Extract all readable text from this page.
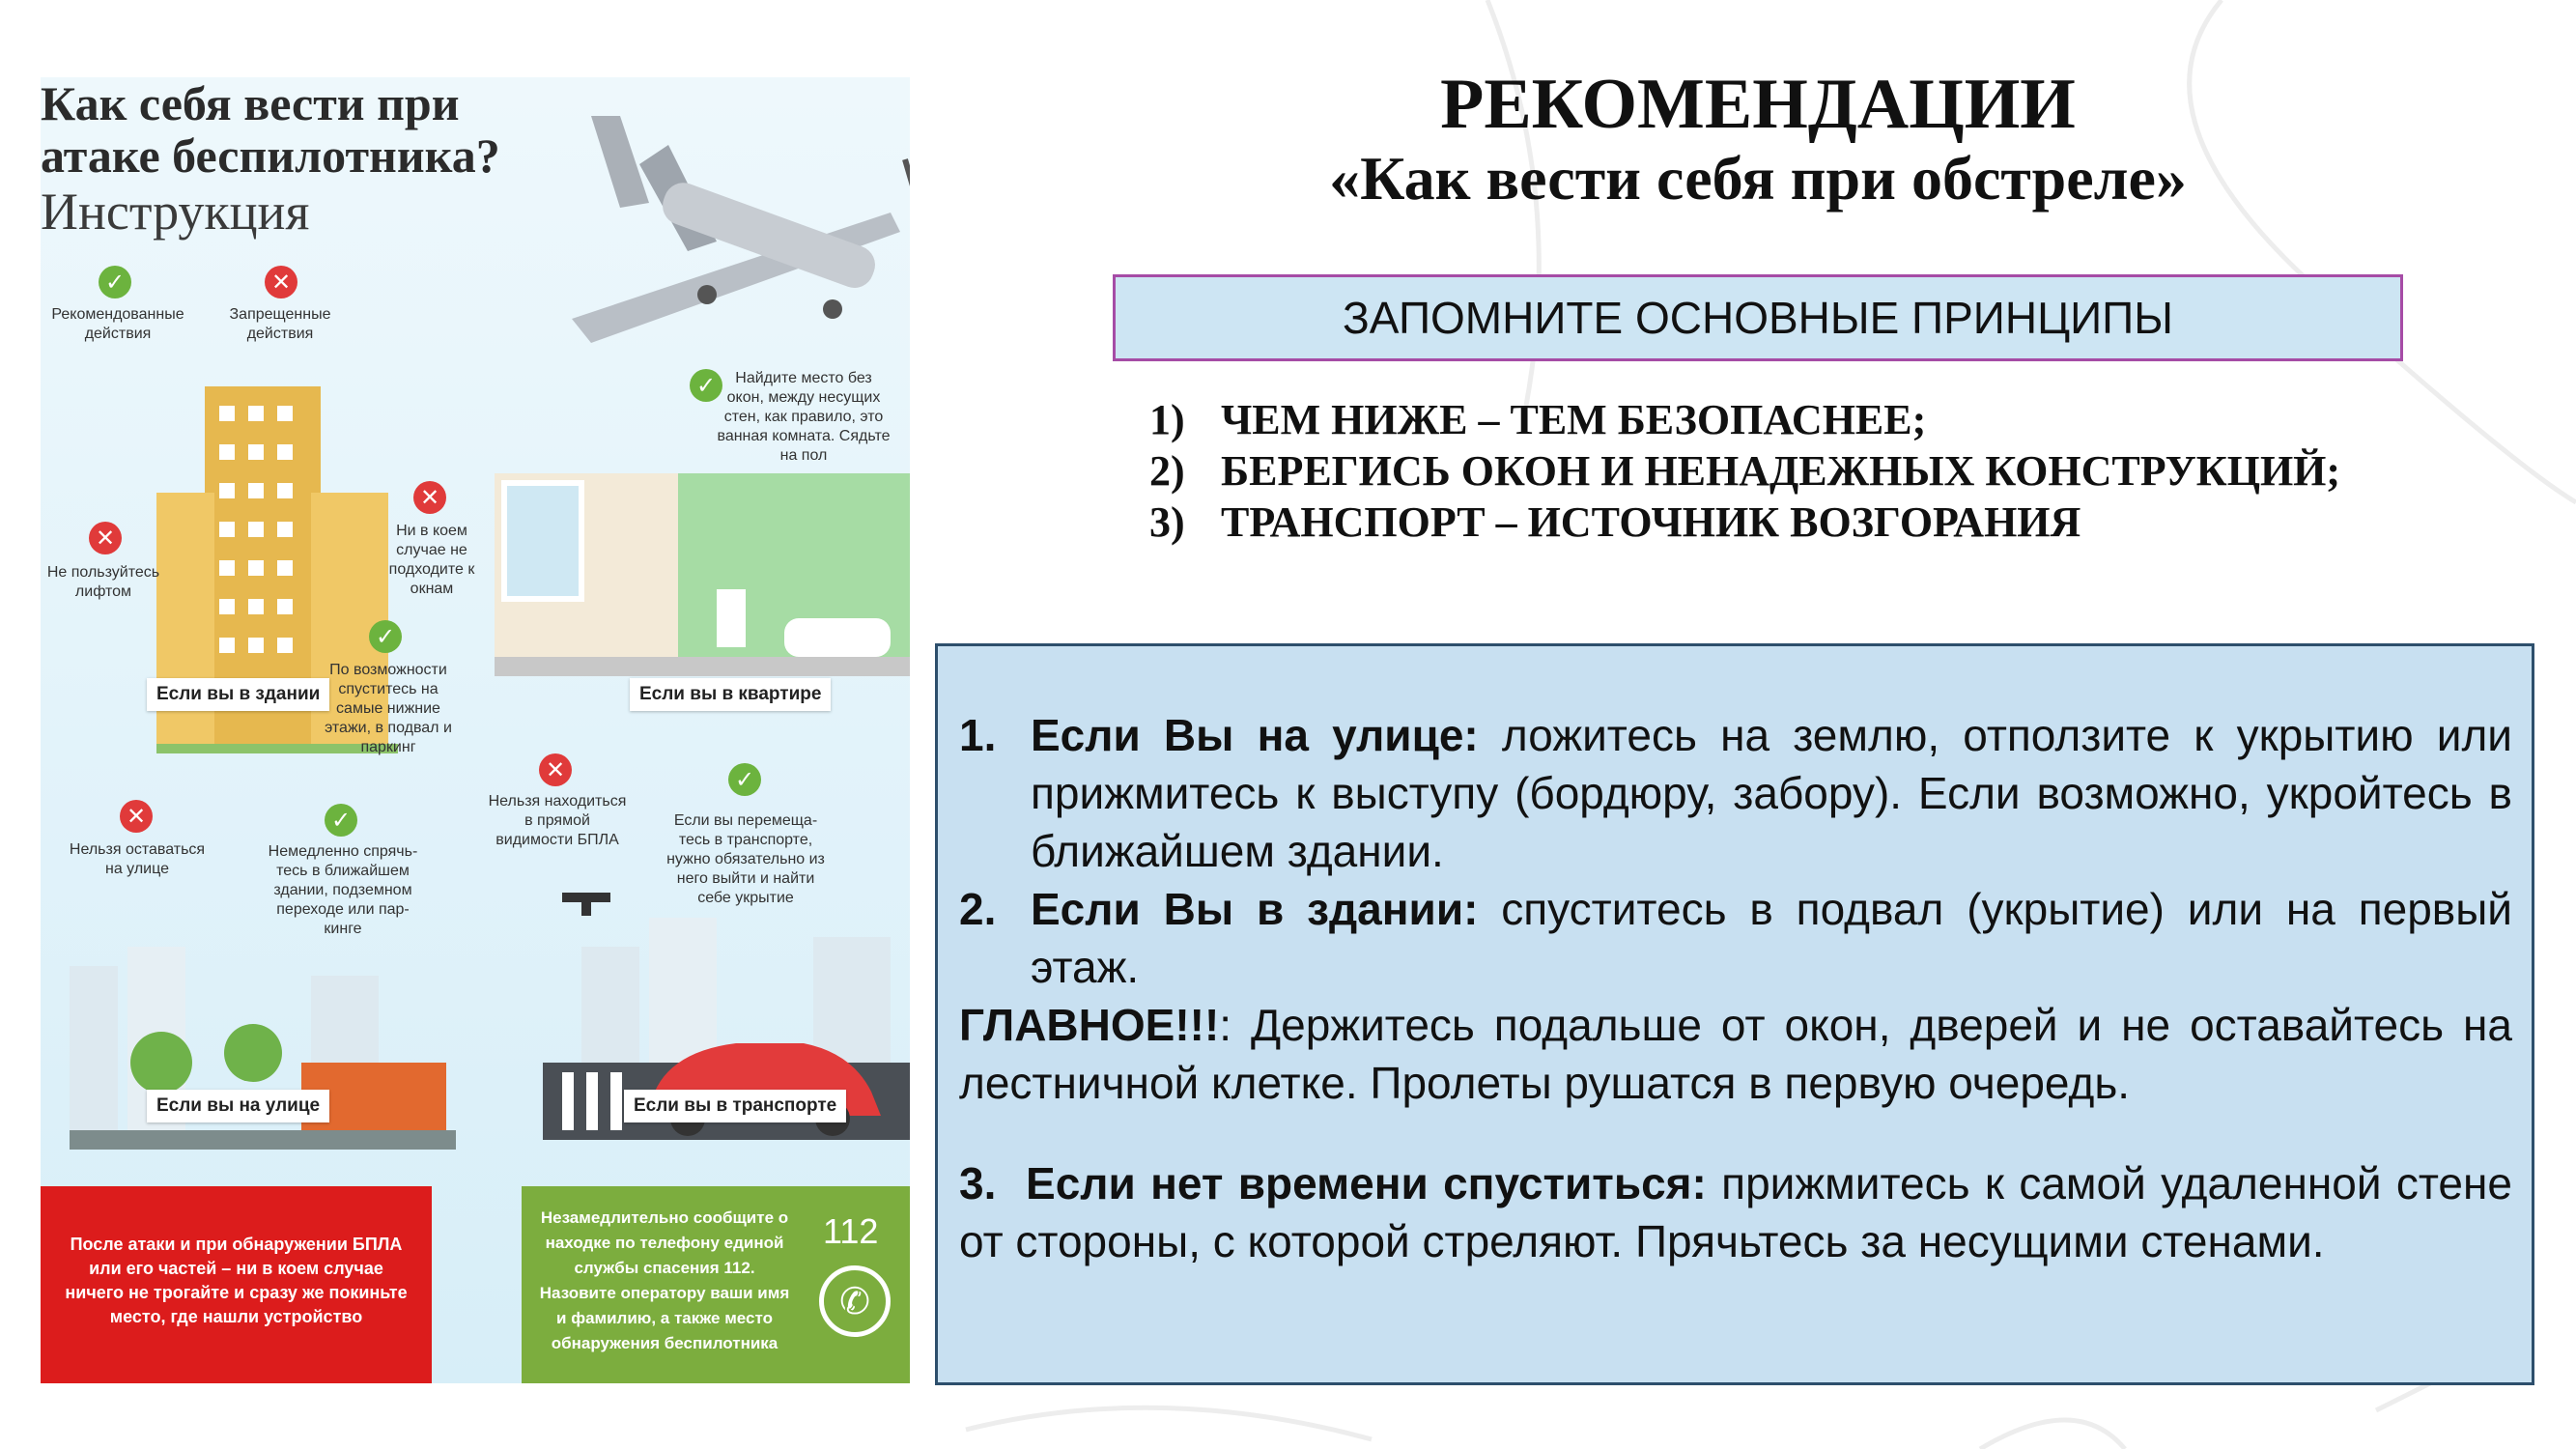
Как себя вести при
атаке беспилотника?
Инструкция
✓
Рекомендованные действия
✕
Запрещенные действия
✕
Не пользуйтесь лифтом
✓
По возможности спуститесь на самые нижние этажи, в подвал и паркинг
Если вы в здании
✓	Найдите место без окон, между несущих стен, как правило, это ванная комната. Сядьте на пол
✕
Ни в коем случае не подходите к окнам
Если вы в квартире
✕
Нельзя оставаться на улице
✓
Немедленно спрячь- тесь в ближайшем здании, подземном переходе или пар- кинге
Если вы на улице
✕
Нельзя находиться в прямой видимости БПЛА
✓
Если вы перемеща- тесь в транспорте, нужно обязательно из него выйти и найти себе укрытие
Если вы в транспорте
После атаки и при обнаружении БПЛА или его частей – ни в коем случае ничего не трогайте и сразу же покиньте место, где нашли устройство
Незамедлительно сообщите о находке по телефону единой службы спасения 112. Назовите оператору ваши имя и фамилию, а также место обнаружения беспилотника
112
✆
РЕКОМЕНДАЦИИ
«Как вести себя при обстреле»
ЗАПОМНИТЕ ОСНОВНЫЕ ПРИНЦИПЫ
1) ЧЕМ НИЖЕ – ТЕМ БЕЗОПАСНЕЕ;
2) БЕРЕГИСЬ ОКОН И НЕНАДЕЖНЫХ КОНСТРУКЦИЙ;
3) ТРАНСПОРТ – ИСТОЧНИК ВОЗГОРАНИЯ
1. Если Вы на улице: ложитесь на землю, отползите к укрытию или прижмитесь к выступу (бордюру, забору). Если возможно, укройтесь в ближайшем здании.
2. Если Вы в здании: спуститесь в подвал (укрытие) или на первый этаж.
ГЛАВНОЕ!!!: Держитесь подальше от окон, дверей и не оставайтесь на лестничной клетке. Пролеты рушатся в первую очередь.
3. Если нет времени спуститься: прижмитесь к самой удаленной стене от стороны, с которой стреляют. Прячьтесь за несущими стенами.
